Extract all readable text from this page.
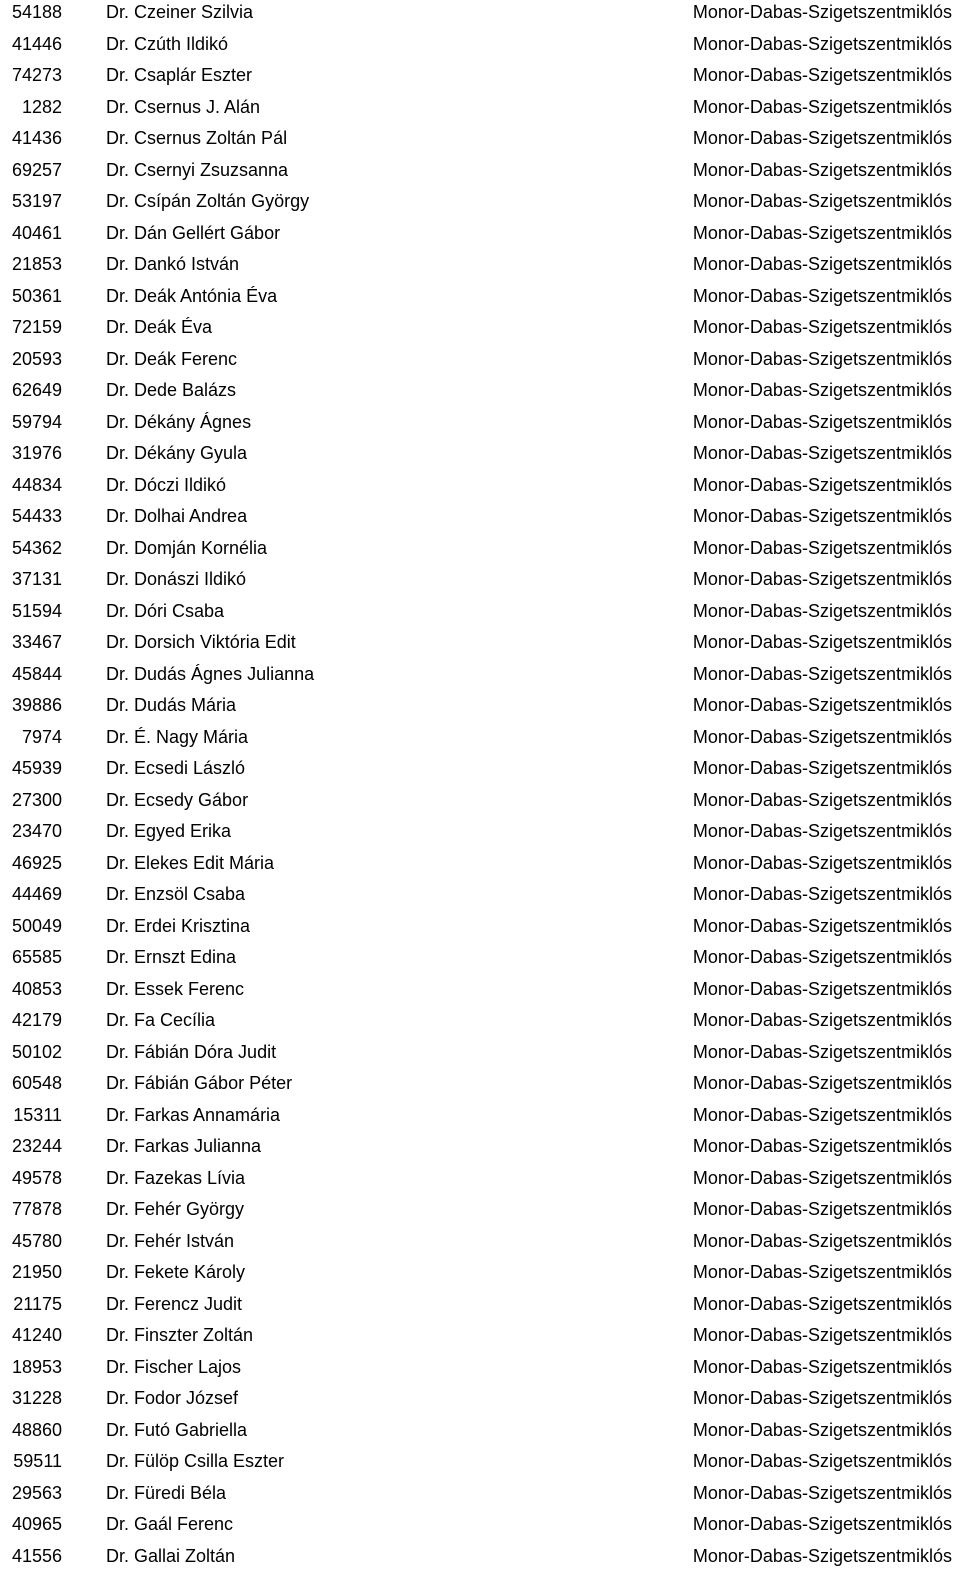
54188 Dr. Czeiner Szilvia	Monor-Dabas-Szigetszentmiklós
41446 Dr. Czúth Ildikó	Monor-Dabas-Szigetszentmiklós
74273 Dr. Csaplár Eszter	Monor-Dabas-Szigetszentmiklós
1282 Dr. Csernus J. Alán	Monor-Dabas-Szigetszentmiklós
41436 Dr. Csernus Zoltán Pál	Monor-Dabas-Szigetszentmiklós
69257 Dr. Csernyi Zsuzsanna	Monor-Dabas-Szigetszentmiklós
53197 Dr. Csípán Zoltán György	Monor-Dabas-Szigetszentmiklós
40461 Dr. Dán Gellért Gábor	Monor-Dabas-Szigetszentmiklós
21853 Dr. Dankó István	Monor-Dabas-Szigetszentmiklós
50361 Dr. Deák Antónia Éva	Monor-Dabas-Szigetszentmiklós
72159 Dr. Deák Éva	Monor-Dabas-Szigetszentmiklós
20593 Dr. Deák Ferenc	Monor-Dabas-Szigetszentmiklós
62649 Dr. Dede Balázs	Monor-Dabas-Szigetszentmiklós
59794 Dr. Dékány Ágnes	Monor-Dabas-Szigetszentmiklós
31976 Dr. Dékány Gyula	Monor-Dabas-Szigetszentmiklós
44834 Dr. Dóczi Ildikó	Monor-Dabas-Szigetszentmiklós
54433 Dr. Dolhai Andrea	Monor-Dabas-Szigetszentmiklós
54362 Dr. Domján Kornélia	Monor-Dabas-Szigetszentmiklós
37131 Dr. Donászi Ildikó	Monor-Dabas-Szigetszentmiklós
51594 Dr. Dóri Csaba	Monor-Dabas-Szigetszentmiklós
33467 Dr. Dorsich Viktória Edit	Monor-Dabas-Szigetszentmiklós
45844 Dr. Dudás Ágnes Julianna	Monor-Dabas-Szigetszentmiklós
39886 Dr. Dudás Mária	Monor-Dabas-Szigetszentmiklós
7974 Dr. É. Nagy Mária	Monor-Dabas-Szigetszentmiklós
45939 Dr. Ecsedi László	Monor-Dabas-Szigetszentmiklós
27300 Dr. Ecsedy Gábor	Monor-Dabas-Szigetszentmiklós
23470 Dr. Egyed Erika	Monor-Dabas-Szigetszentmiklós
46925 Dr. Elekes Edit Mária	Monor-Dabas-Szigetszentmiklós
44469 Dr. Enzsöl Csaba	Monor-Dabas-Szigetszentmiklós
50049 Dr. Erdei Krisztina	Monor-Dabas-Szigetszentmiklós
65585 Dr. Ernszt Edina	Monor-Dabas-Szigetszentmiklós
40853 Dr. Essek Ferenc	Monor-Dabas-Szigetszentmiklós
42179 Dr. Fa Cecília	Monor-Dabas-Szigetszentmiklós
50102 Dr. Fábián Dóra Judit	Monor-Dabas-Szigetszentmiklós
60548 Dr. Fábián Gábor Péter	Monor-Dabas-Szigetszentmiklós
15311 Dr. Farkas Annamária	Monor-Dabas-Szigetszentmiklós
23244 Dr. Farkas Julianna	Monor-Dabas-Szigetszentmiklós
49578 Dr. Fazekas Lívia	Monor-Dabas-Szigetszentmiklós
77878 Dr. Fehér György	Monor-Dabas-Szigetszentmiklós
45780 Dr. Fehér István	Monor-Dabas-Szigetszentmiklós
21950 Dr. Fekete Károly	Monor-Dabas-Szigetszentmiklós
21175 Dr. Ferencz Judit	Monor-Dabas-Szigetszentmiklós
41240 Dr. Finszter Zoltán	Monor-Dabas-Szigetszentmiklós
18953 Dr. Fischer Lajos	Monor-Dabas-Szigetszentmiklós
31228 Dr. Fodor József	Monor-Dabas-Szigetszentmiklós
48860 Dr. Futó Gabriella	Monor-Dabas-Szigetszentmiklós
59511 Dr. Fülöp Csilla Eszter	Monor-Dabas-Szigetszentmiklós
29563 Dr. Füredi Béla	Monor-Dabas-Szigetszentmiklós
40965 Dr. Gaál Ferenc	Monor-Dabas-Szigetszentmiklós
41556 Dr. Gallai Zoltán	Monor-Dabas-Szigetszentmiklós
